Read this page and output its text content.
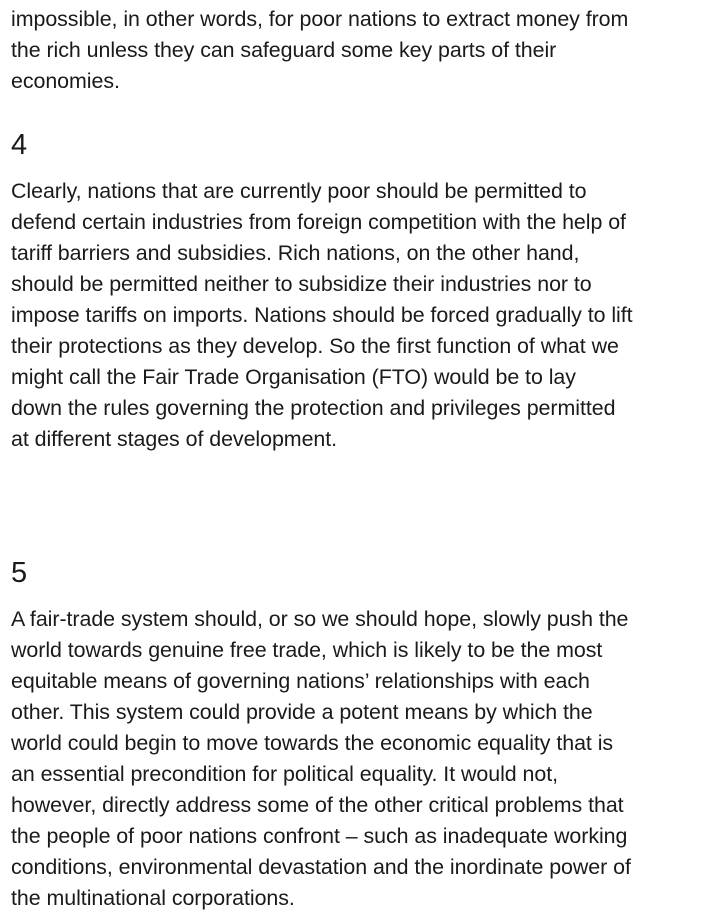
impossible, in other words, for poor nations to extract money from
the rich unless they can safeguard some key parts of their
economies.

4

Clearly, nations that are currently poor should be permitted to
defend certain industries from foreign competition with the help of
tariff barriers and subsidies. Rich nations, on the other hand,
should be permitted neither to subsidize their industries nor to
impose tariffs on imports. Nations should be forced gradually to lift
their protections as they develop. So the first function of what we
might call the Fair Trade Organisation (FTO) would be to lay
down the rules governing the protection and privileges permitted
at different stages of development.

5

A fair-trade system should, or so we should hope, slowly push the
world towards genuine free trade, which is likely to be the most
equitable means of governing nations’ relationships with each
other. This system could provide a potent means by which the
world could begin to move towards the economic equality that is
an essential precondition for political equality. It would not,
however, directly address some of the other critical problems that
the people of poor nations confront – such as inadequate working
conditions, environmental devastation and the inordinate power of
the multinational corporations.
